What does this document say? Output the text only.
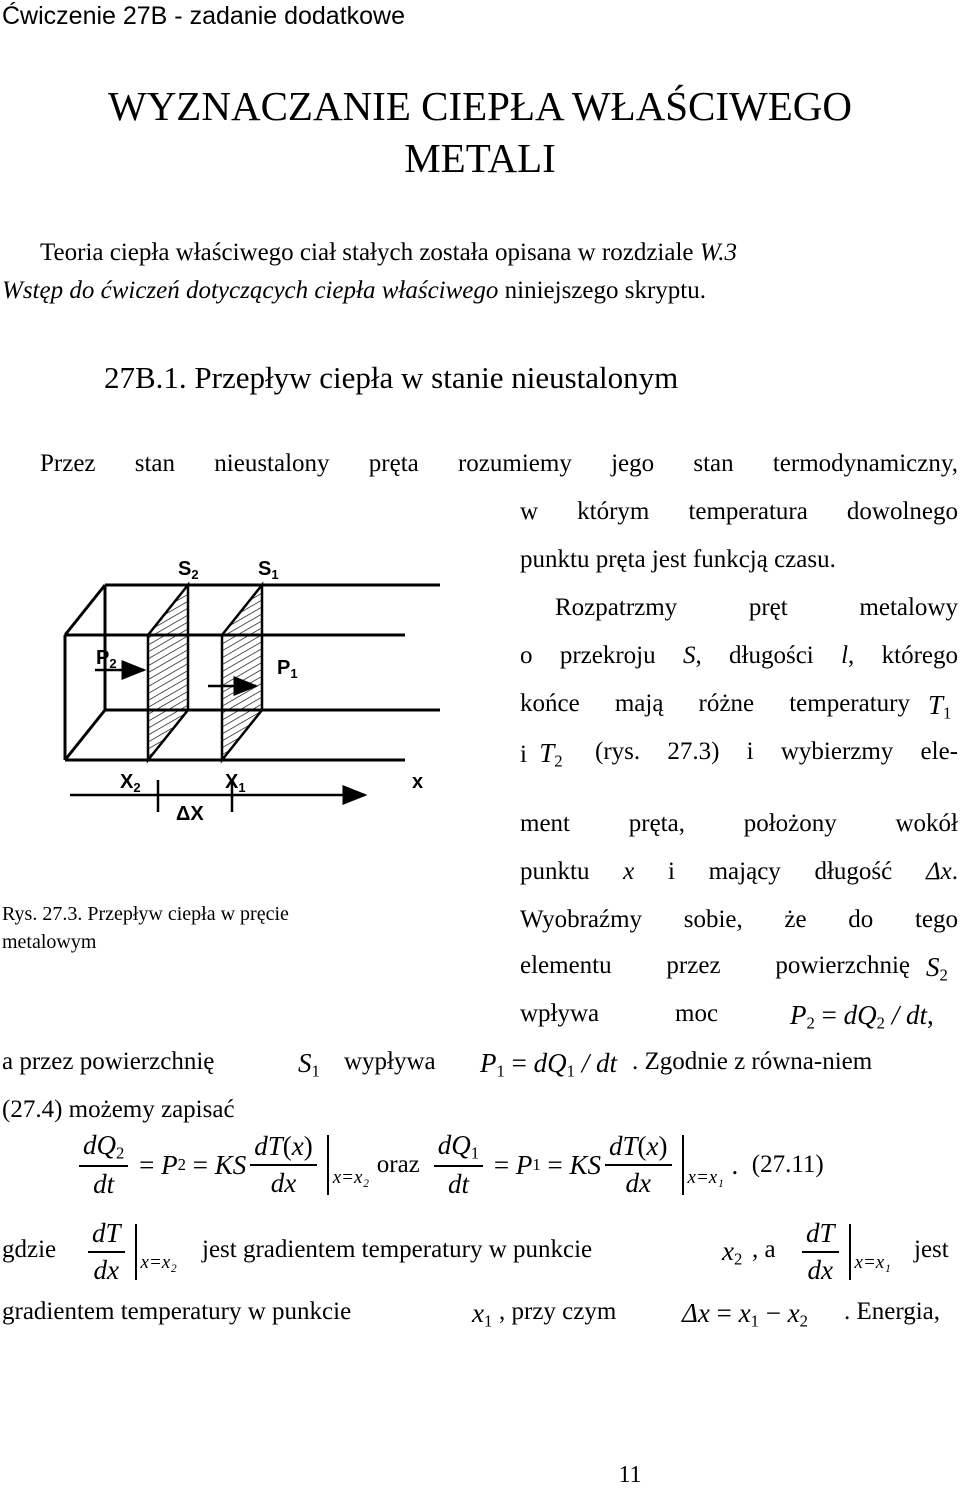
Ćwiczenie 27B - zadanie dodatkowe
WYZNACZANIE CIEPŁA WŁAŚCIWEGO
METALI
Teoria ciepła właściwego ciał stałych została opisana w rozdziale W.3
Wstęp do ćwiczeń dotyczących ciepła właściwego niniejszego skryptu.
27B.1. Przepływ ciepła w stanie nieustalonym
Przez stan nieustalony pręta rozumiemy jego stan termodynamiczny,
w którym temperatura dowolnego
punktu pręta jest funkcją czasu.
Rozpatrzmy pręt metalowy
o przekroju S, długości l, którego
końce mają różne temperatury $T_1$
i $T_2$ (rys. 27.3) i wybierzmy ele-
ment pręta, położony wokół
punktu x i mający długość Δx.
Wyobraźmy sobie, że do tego
elementu przez powierzchnię $S_2$
wpływa	moc	$P_2 = dQ_2$ / dt,
a przez powierzchnię	$S_1$ wypływa $P_1 = dQ_1$ / dt . Zgodnie z równa-niem
(27.4) możemy zapisać
$S_2$	$S_1$
$P_2$	$P_1$
$X_2$	$X_1$
ΔX
x
Rys. 27.3. Przepływ ciepła w pręcie metalowym
$\frac{dQ_2}{dt} = P$ 2 = KS $\frac{dT(x)}{dx} x=x_2$ oraz $\frac{dQ_1}{dt} = P$ 1 = KS $\frac{dT(x)}{dx} x=x_1$ . (27.11)
gdzie $\frac{dT}{dx} x=x_2$ jest gradientem temperatury w punkcie	$x_2$ , a $\frac{dT}{dx} x=x_1$ jest
gradientem temperatury w punkcie	$x_1$ , przy czym $\Delta x = x_1 - x_2$ . Energia,
11
